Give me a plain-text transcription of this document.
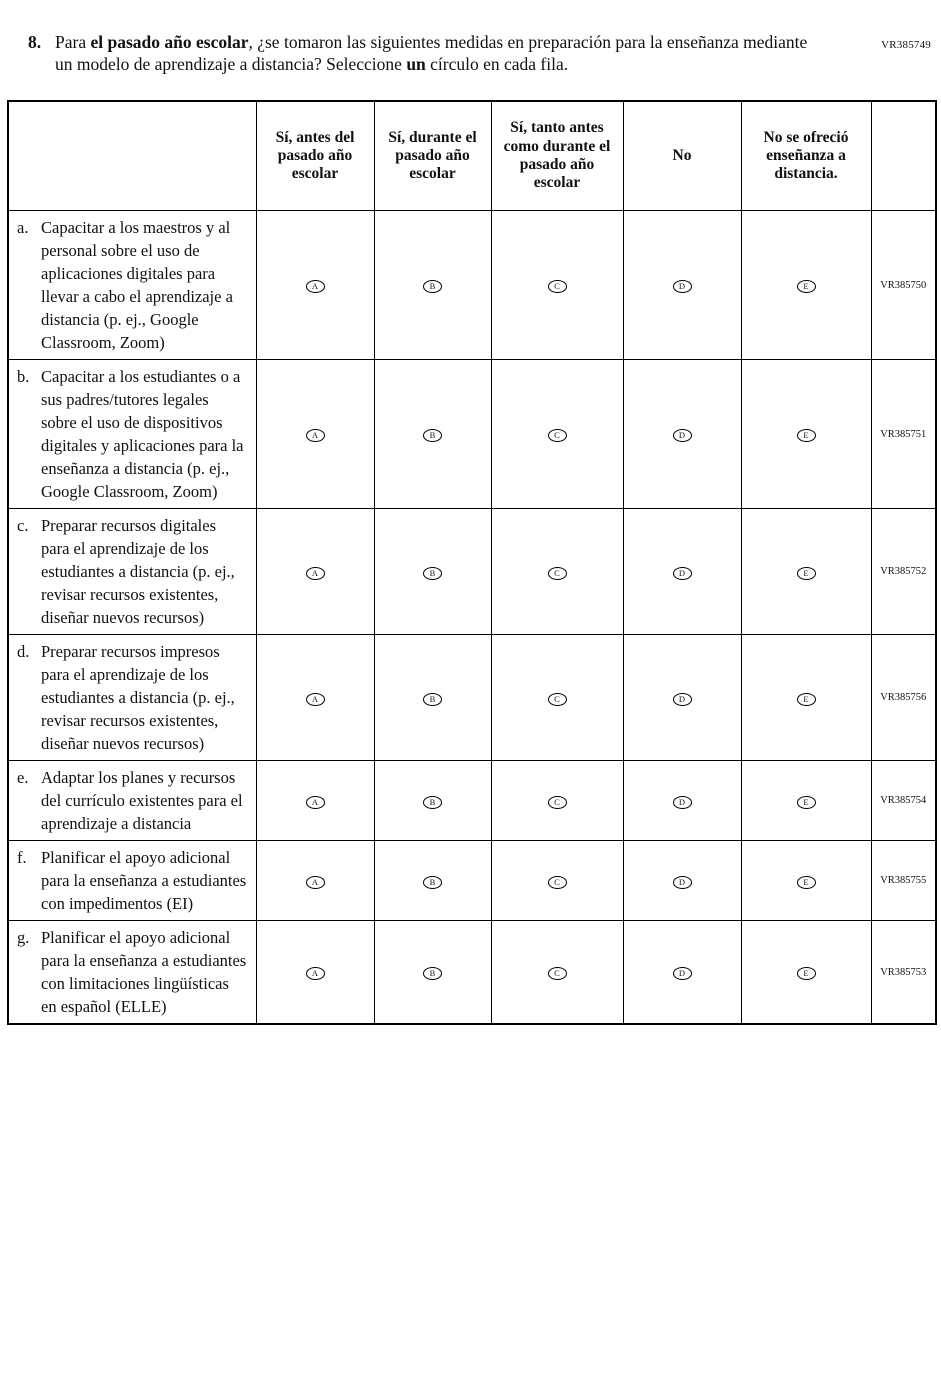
VR385749
8. Para el pasado año escolar, ¿se tomaron las siguientes medidas en preparación para la enseñanza mediante un modelo de aprendizaje a distancia? Seleccione un círculo en cada fila.

	Sí, antes del pasado año escolar	Sí, durante el pasado año escolar	Sí, tanto antes como durante el pasado año escolar	No	No se ofreció enseñanza a distancia.	
a. Capacitar a los maestros y al personal sobre el uso de aplicaciones digitales para llevar a cabo el aprendizaje a distancia (p. ej., Google Classroom, Zoom)	A	B	C	D	E	VR385750
b. Capacitar a los estudiantes o a sus padres/tutores legales sobre el uso de dispositivos digitales y aplicaciones para la enseñanza a distancia (p. ej., Google Classroom, Zoom)	A	B	C	D	E	VR385751
c. Preparar recursos digitales para el aprendizaje de los estudiantes a distancia (p. ej., revisar recursos existentes, diseñar nuevos recursos)	A	B	C	D	E	VR385752
d. Preparar recursos impresos para el aprendizaje de los estudiantes a distancia (p. ej., revisar recursos existentes, diseñar nuevos recursos)	A	B	C	D	E	VR385756
e. Adaptar los planes y recursos del currículo existentes para el aprendizaje a distancia	A	B	C	D	E	VR385754
f. Planificar el apoyo adicional para la enseñanza a estudiantes con impedimentos (EI)	A	B	C	D	E	VR385755
g. Planificar el apoyo adicional para la enseñanza a estudiantes con limitaciones lingüísticas en español (ELLE)	A	B	C	D	E	VR385753
